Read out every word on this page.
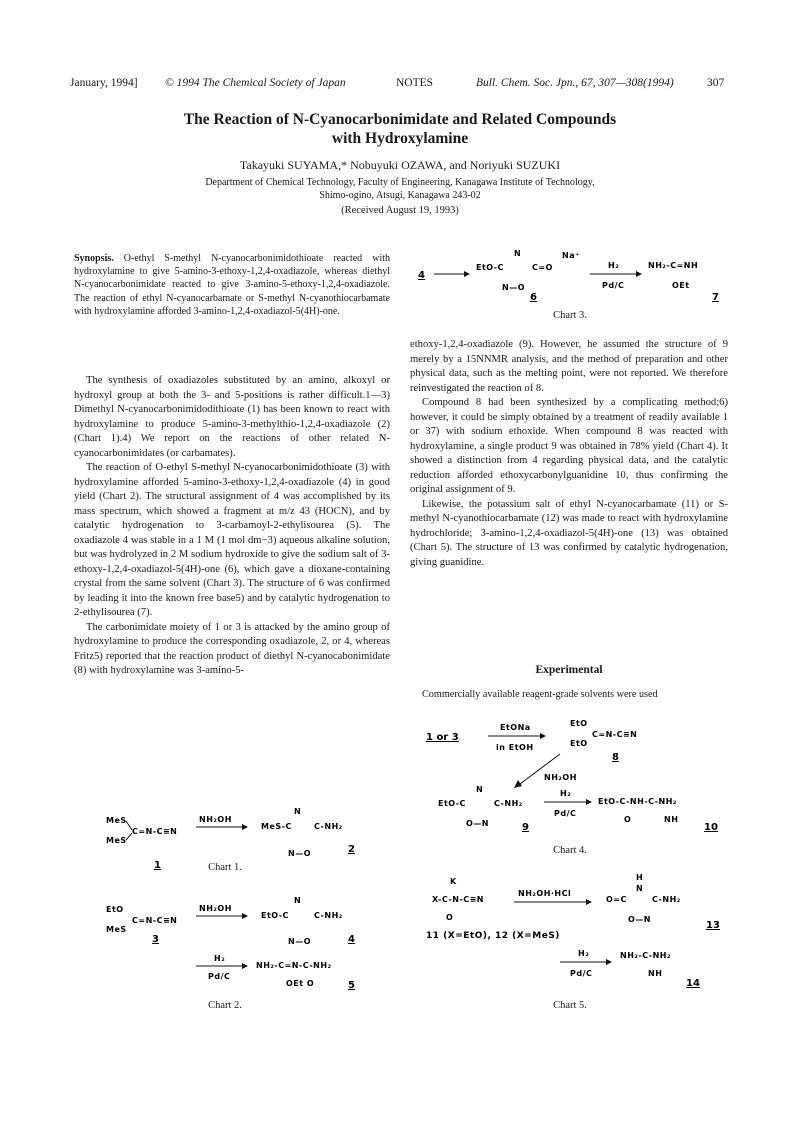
January, 1994] © 1994 The Chemical Society of Japan	NOTES	Bull. Chem. Soc. Jpn., 67, 307—308(1994)	307
The Reaction of N-Cyanocarbonimidate and Related Compounds
with Hydroxylamine
Takayuki SUYAMA,* Nobuyuki OZAWA, and Noriyuki SUZUKI
Department of Chemical Technology, Faculty of Engineering, Kanagawa Institute of Technology,
Shimo-ogino, Atsugi, Kanagawa 243-02
(Received August 19, 1993)

Synopsis. O-ethyl S-methyl N-cyanocarbonimidothioate reacted with hydroxylamine to give 5-amino-3-ethoxy-1,2,4-oxadiazole, whereas diethyl N-cyanocarbonimidate reacted to give 3-amino-5-ethoxy-1,2,4-oxadiazole. The reaction of ethyl N-cyanocarbamate or S-methyl N-cyanothiocarbamate with hydroxylamine afforded 3-amino-1,2,4-oxadiazol-5(4H)-one.

The synthesis of oxadiazoles substituted by an amino, alkoxyl or hydroxyl group at both the 3- and 5-positions is rather difficult.1—3) Dimethyl N-cyanocarbonimidodithioate (1) has been known to react with hydroxylamine to produce 5-amino-3-methylthio-1,2,4-oxadiazole (2) (Chart 1).4) We report on the reactions of other related N-cyanocarbonimidates (or carbamates).

The reaction of O-ethyl S-methyl N-cyanocarbonimidothioate (3) with hydroxylamine afforded 5-amino-3-ethoxy-1,2,4-oxadiazole (4) in good yield (Chart 2). The structural assignment of 4 was accomplished by its mass spectrum, which showed a fragment at m/z 43 (HOCN), and by catalytic hydrogenation to 3-carbamoyl-2-ethylisourea (5). The oxadiazole 4 was stable in a 1 M (1 mol dm−3) aqueous alkaline solution, but was hydrolyzed in 2 M sodium hydroxide to give the sodium salt of 3-ethoxy-1,2,4-oxadiazol-5(4H)-one (6), which gave a dioxane-containing crystal from the same solvent (Chart 3). The structure of 6 was confirmed by leading it into the known free base5) and by catalytic hydrogenation to 2-ethylisourea (7).

The carbonimidate moiety of 1 or 3 is attacked by the amino group of hydroxylamine to produce the corresponding oxadiazole, 2, or 4, whereas Fritz5) reported that the reaction product of diethyl N-cyanocabonimidate (8) with hydroxylamine was 3-amino-5-

ethoxy-1,2,4-oxadiazole (9). However, he assumed the structure of 9 merely by a 15NNMR analysis, and the method of preparation and other physical data, such as the melting point, were not reported. We therefore reinvestigated the reaction of 8.

Compound 8 had been synthesized by a complicating method;6) however, it could be simply obtained by a treatment of readily available 1 or 37) with sodium ethoxide. When compound 8 was reacted with hydroxylamine, a single product 9 was obtained in 78% yield (Chart 4). It showed a distinction from 4 regarding physical data, and the catalytic reduction afforded ethoxycarbonylguanidine 10, thus confirming the original assignment of 9.

Likewise, the potassium salt of ethyl N-cyanocarbamate (11) or S-methyl N-cyanothiocarbamate (12) was made to react with hydroxylamine hydrochloride; 3-amino-1,2,4-oxadiazol-5(4H)-one (13) was obtained (Chart 5). The structure of 13 was confirmed by catalytic hydrogenation, giving guanidine.

Experimental

Commercially available reagent-grade solvents were used

MeS
MeS
C=N-C≡N
NH₂OH
MeS-C
N
C-NH₂
N—O
1
2
Chart 1.
EtO
MeS
C=N-C≡N
NH₂OH
EtO-C
N
C-NH₂
N—O
3	4
H₂
Pd/C
NH₂-C=N-C-NH₂
OEt O	5
Chart 2.
4
EtO-C
N
C=O
N—O
Na⁺
H₂
Pd/C
NH₂-C=NH
OEt
6	7
Chart 3.
1 or 3
EtONa
in EtOH
EtO
EtO
C=N-C≡N
8
NH₂OH
EtO-C
N
C-NH₂
O—N	9
H₂
Pd/C
EtO-C-NH-C-NH₂
O	NH
10
Chart 4.
K
X-C-N-C≡N
O
NH₂OH·HCl
H
O=C
N
C-NH₂
O—N
13
11 (X=EtO), 12 (X=MeS)
H₂
Pd/C
NH₂-C-NH₂
NH
14
Chart 5.
